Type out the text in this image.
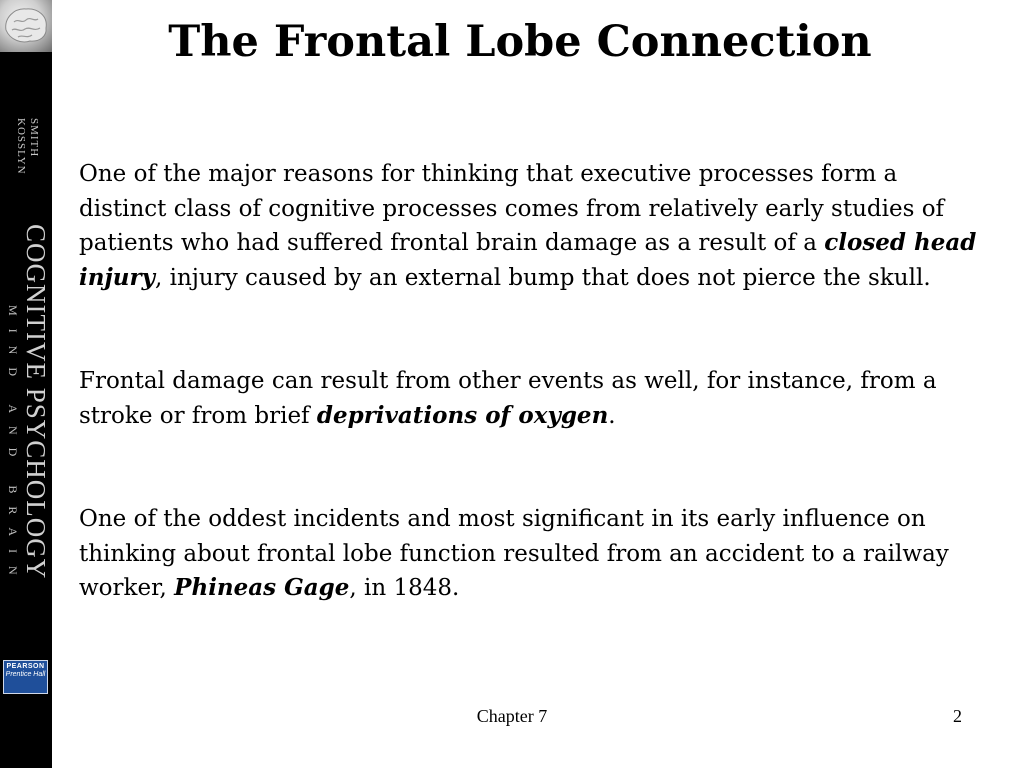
SMITH
KOSSLYN
COGNITIVE PSYCHOLOGY
MIND AND BRAIN
PEARSON
Prentice Hall
The Frontal Lobe Connection

One of the major reasons for thinking that executive processes form a distinct class of cognitive processes comes from relatively early studies of patients who had suffered frontal brain damage as a result of a closed head injury, injury caused by an external bump that does not pierce the skull.

Frontal damage can result from other events as well, for instance, from a stroke or from brief deprivations of oxygen.

One of the oddest incidents and most significant in its early influence on thinking about frontal lobe function resulted from an accident to a railway worker, Phineas Gage, in 1848.

Chapter 7	2
